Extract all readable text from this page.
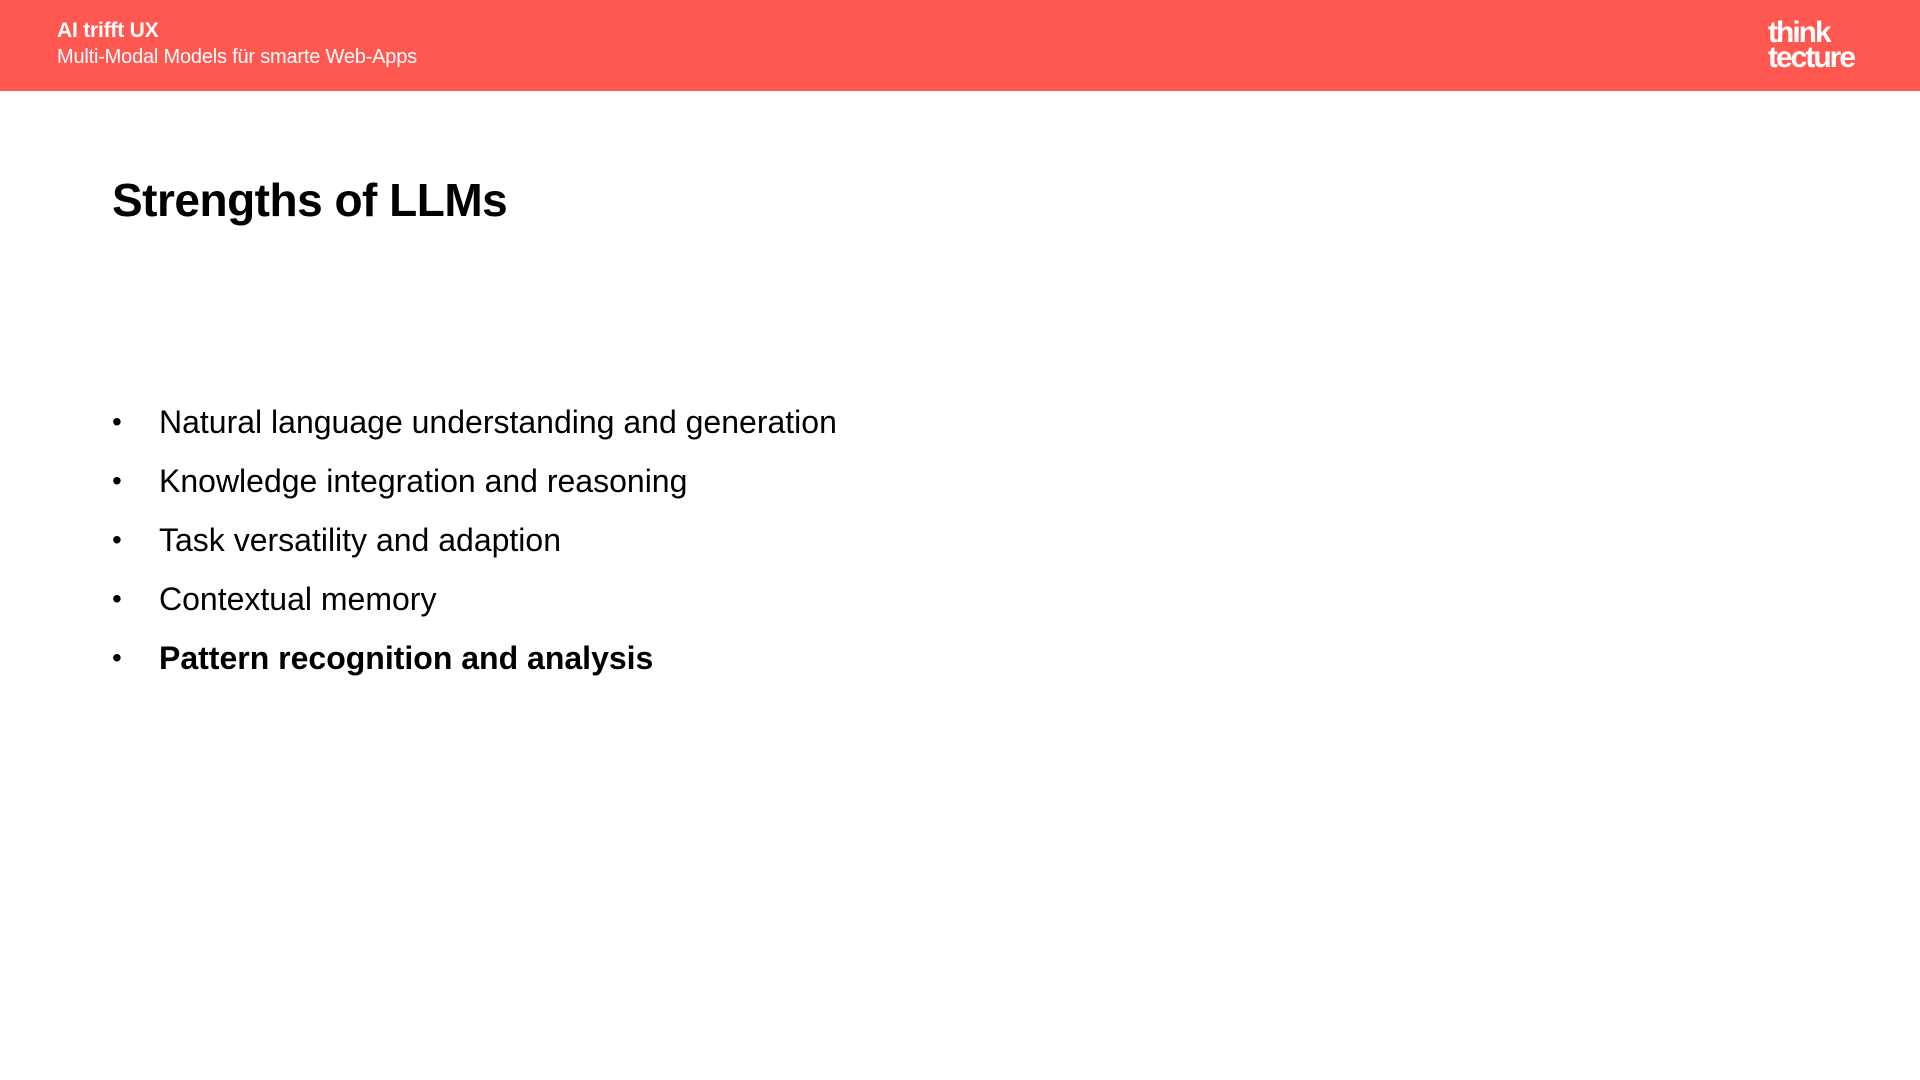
AI trifft UX
Multi-Modal Models für smarte Web-Apps
think
tecture
Strengths of LLMs
• Natural language understanding and generation
• Knowledge integration and reasoning
• Task versatility and adaption
• Contextual memory
• Pattern recognition and analysis
